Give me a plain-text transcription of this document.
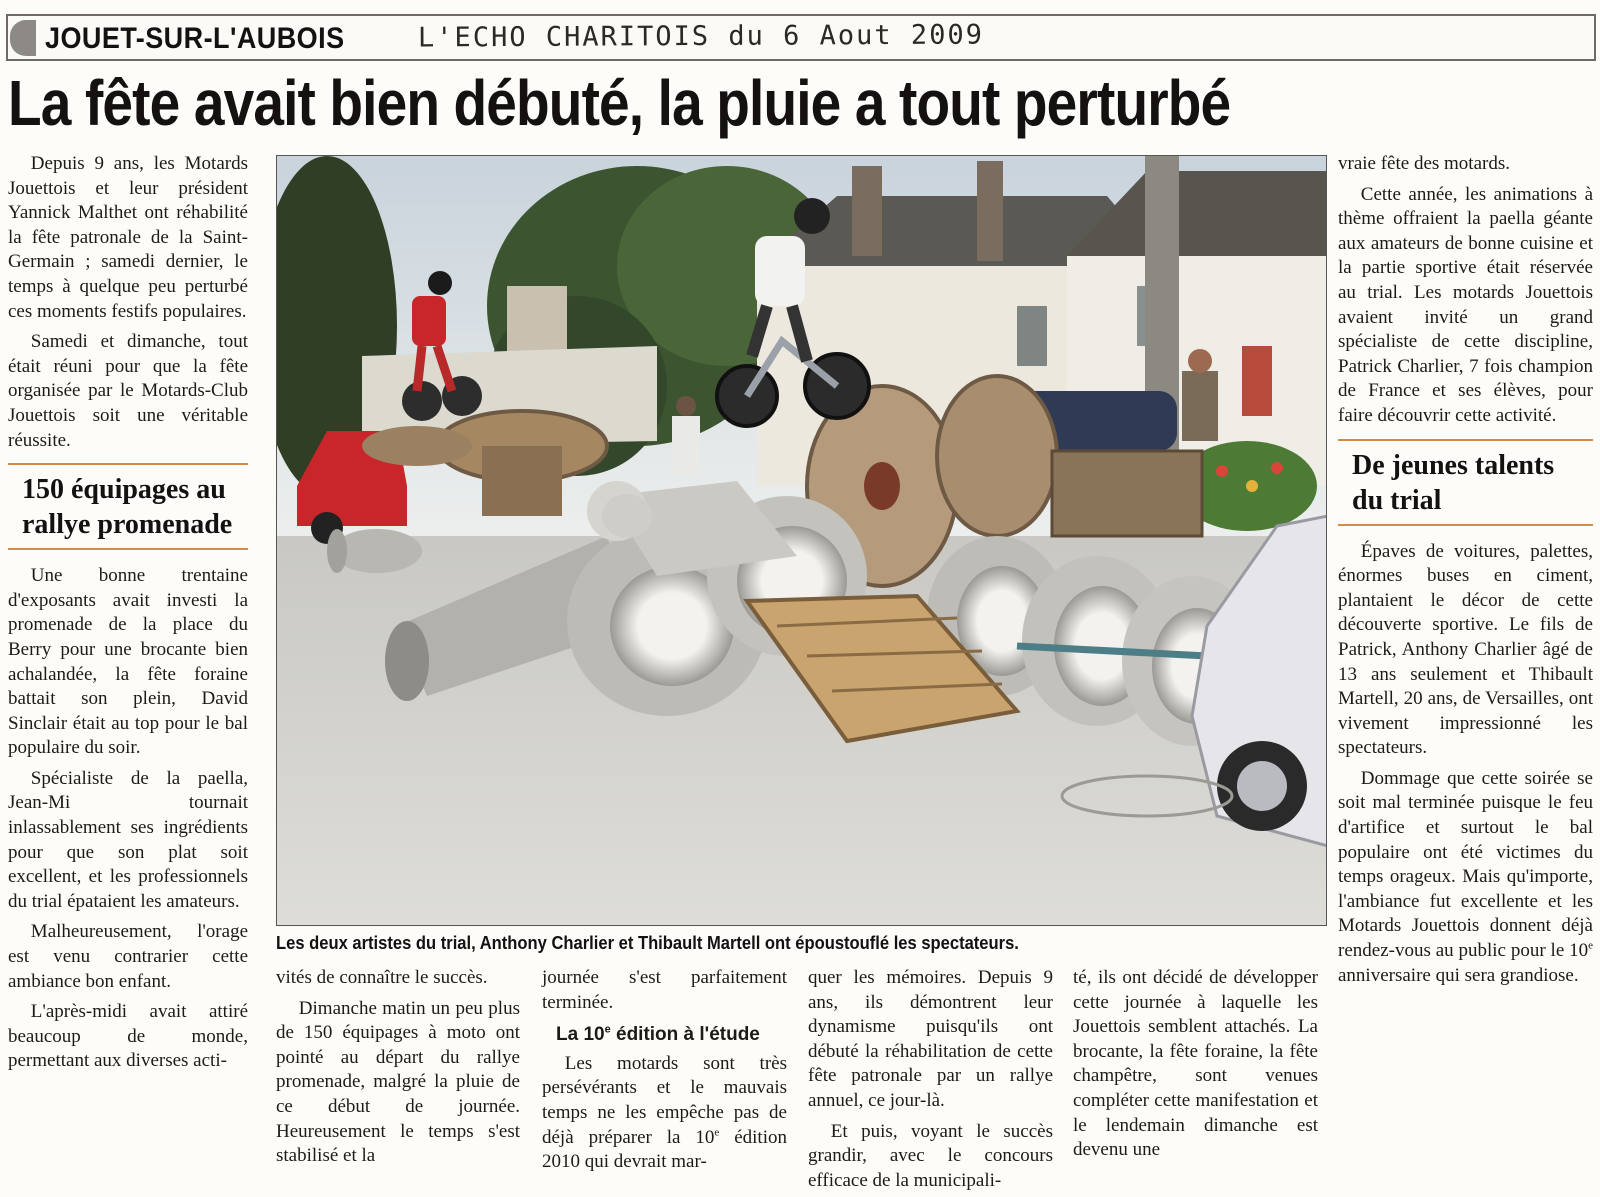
JOUET-SUR-L'AUBOIS	L'ECHO CHARITOIS du 6 Aout 2009
La fête avait bien débuté, la pluie a tout perturbé

Depuis 9 ans, les Motards Jouettois et leur président Yannick Malthet ont réhabilité la fête patronale de la Saint-Germain ; samedi dernier, le temps à quelque peu perturbé ces moments festifs populaires.

Samedi et dimanche, tout était réuni pour que la fête organisée par le Motards-Club Jouettois soit une véritable réussite.

150 équipages au rallye promenade

Une bonne trentaine d'exposants avait investi la promenade de la place du Berry pour une brocante bien achalandée, la fête foraine battait son plein, David Sinclair était au top pour le bal populaire du soir.

Spécialiste de la paella, Jean-Mi tournait inlassablement ses ingrédients pour que son plat soit excellent, et les professionnels du trial épataient les amateurs.

Malheureusement, l'orage est venu contrarier cette ambiance bon enfant.

L'après-midi avait attiré beaucoup de monde, permettant aux diverses acti-

Les deux artistes du trial, Anthony Charlier et Thibault Martell ont époustouflé les spectateurs.

vités de connaître le succès.

Dimanche matin un peu plus de 150 équipages à moto ont pointé au départ du rallye promenade, malgré la pluie de ce début de journée. Heureusement le temps s'est stabilisé et la

journée s'est parfaitement terminée.

La 10e édition à l'étude

Les motards sont très persévérants et le mauvais temps ne les empêche pas de déjà préparer la 10e édition 2010 qui devrait mar-

quer les mémoires. Depuis 9 ans, ils démontrent leur dynamisme puisqu'ils ont débuté la réhabilitation de cette fête patronale par un rallye annuel, ce jour-là.

Et puis, voyant le succès grandir, avec le concours efficace de la municipali-

té, ils ont décidé de développer cette journée à laquelle les Jouettois semblent attachés. La brocante, la fête foraine, la fête champêtre, sont venues compléter cette manifestation et le lendemain dimanche est devenu une

vraie fête des motards.

Cette année, les animations à thème offraient la paella géante aux amateurs de bonne cuisine et la partie sportive était réservée au trial. Les motards Jouettois avaient invité un grand spécialiste de cette discipline, Patrick Charlier, 7 fois champion de France et ses élèves, pour faire découvrir cette activité.

De jeunes talents du trial

Épaves de voitures, palettes, énormes buses en ciment, plantaient le décor de cette découverte sportive. Le fils de Patrick, Anthony Charlier âgé de 13 ans seulement et Thibault Martell, 20 ans, de Versailles, ont vivement impressionné les spectateurs.

Dommage que cette soirée se soit mal terminée puisque le feu d'artifice et surtout le bal populaire ont été victimes du temps orageux. Mais qu'importe, l'ambiance fut excellente et les Motards Jouettois donnent déjà rendez-vous au public pour le 10e anniversaire qui sera grandiose.
